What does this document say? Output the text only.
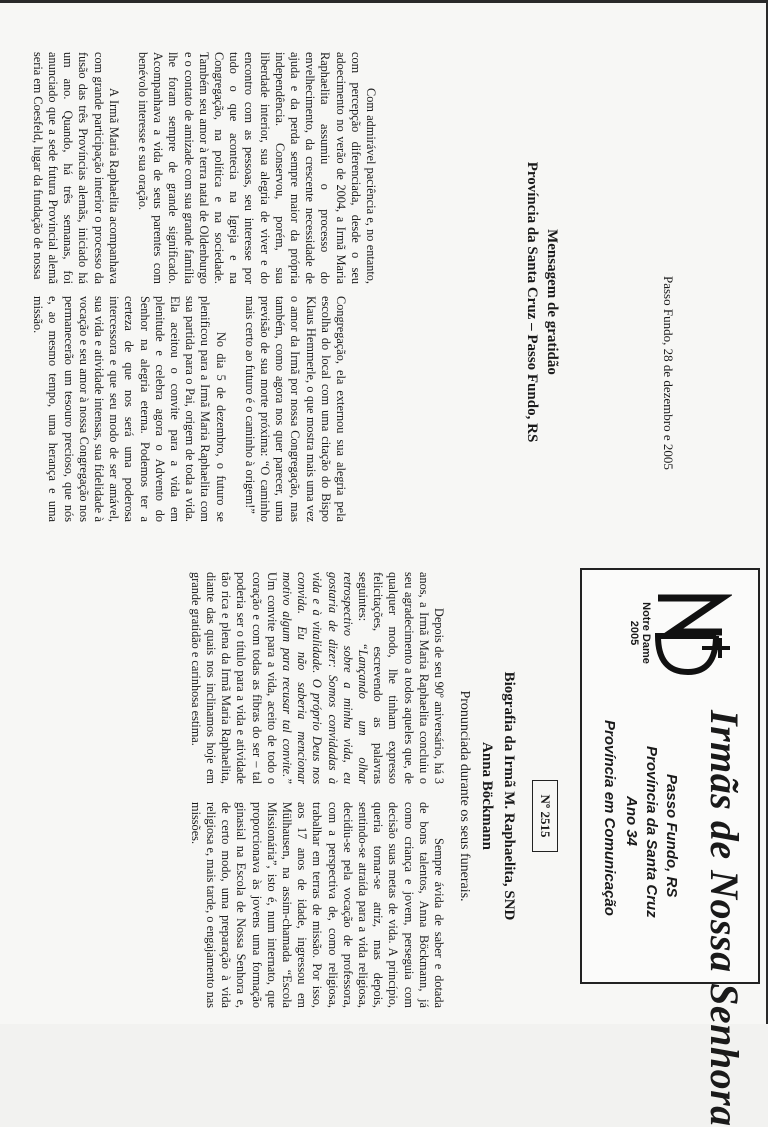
Com admirável paciência e, no entanto, com percepção diferenciada, desde o seu adoecimento no verão de 2004, a Irmã Maria Raphaelita assumiu o processo do envelhecimento, da crescente necessidade de ajuda e da perda sempre maior da própria independência. Conservou, porém, sua liberdade interior, sua alegria de viver e do encontro com as pessoas, seu interesse por tudo o que acontecia na Igreja e na Congregação, na política e na sociedade. Também seu amor à terra natal de Oldenburgo e o contato de amizade com sua grande família lhe foram sempre de grande significado. Acompanhava a vida de seus parentes com benévolo interesse e sua oração.

A Irmã Maria Raphaelita acompanhava com grande participação interior o processo da fusão das três Províncias alemãs, iniciado há um ano. Quando, há três semanas, foi anunciado que a sede futura Provincial alemã seria em Coesfeld, lugar da fundação de nossa

Congregação, ela externou sua alegria pela escolha do local com uma citação do Bispo Klaus Hemmerle, o que mostra mais uma vez o amor da Irmã por nossa Congregação, mas também, como agora nos quer parecer, uma previsão de sua morte próxima: “O caminho mais certo ao futuro é o caminho à origem!”

No dia 5 de dezembro, o futuro se plenificou para a Irmã Maria Raphaelita com sua partida para o Pai, origem de toda a vida. Ela aceitou o convite para a vida em plenitude e celebra agora o Advento do Senhor na alegria eterna. Podemos ter a certeza de que nos será uma poderosa intercessora e que seu modo de ser amável, sua vida e atividade intensas, sua fidelidade à vocação e seu amor à nossa Congregação nos permanecerão um tesouro precioso, que nós e, ao mesmo tempo, uma herança e uma missão.	Mensagem de gratidão
Província da Santa Cruz – Passo Fundo, RS	Passo Fundo, 28 de dezembro e 2005
Notre Dame
2005
Irmãs de Nossa Senhora
Passo Fundo, RS
Província da Santa Cruz
Ano 34
Província em Comunicação
Nº 2515
Biografia da Irmã M. Raphaelita, SND
Anna Böckmann
Pronunciada durante os seus funerais.

Depois de seu 90º aniversário, há 3 anos, a Irmã Maria Raphaelita concluiu o seu agradecimento a todos aqueles que, de qualquer modo, lhe tinham expresso felicitações, escrevendo as palavras seguintes: “Lançando um olhar retrospectivo sobre a minha vida, eu gostaria de dizer: Somos convidadas à vida e à vitalidade. O próprio Deus nos convida. Eu não saberia mencionar motivo algum para recusar tal convite.” Um convite para a vida, aceito de todo o coração e com todas as fibras do ser – tal poderia ser o título para a vida e atividade tão rica e plena da Irmã Maria Raphaelita, diante das quais nos inclinamos hoje em grande gratidão e carinhosa estima.

Sempre ávida de saber e dotada de bons talentos, Anna Böckmann, já como criança e jovem, perseguia com decisão suas metas de vida. A princípio, queria tornar-se atriz, mas depois, sentindo-se atraída para a vida religiosa, decidiu-se pela vocação de professora, com a perspectiva de, como religiosa, trabalhar em terras de missão. Por isso, aos 17 anos de idade, ingressou em Mülhausen, na assim-chamada “Escola Missionária”, isto é, num internato, que proporcionava às jovens uma formação ginasial na Escola de Nossa Senhora e, de certo modo, uma preparação à vida religiosa e, mais tarde, o engajamento nas missões.
